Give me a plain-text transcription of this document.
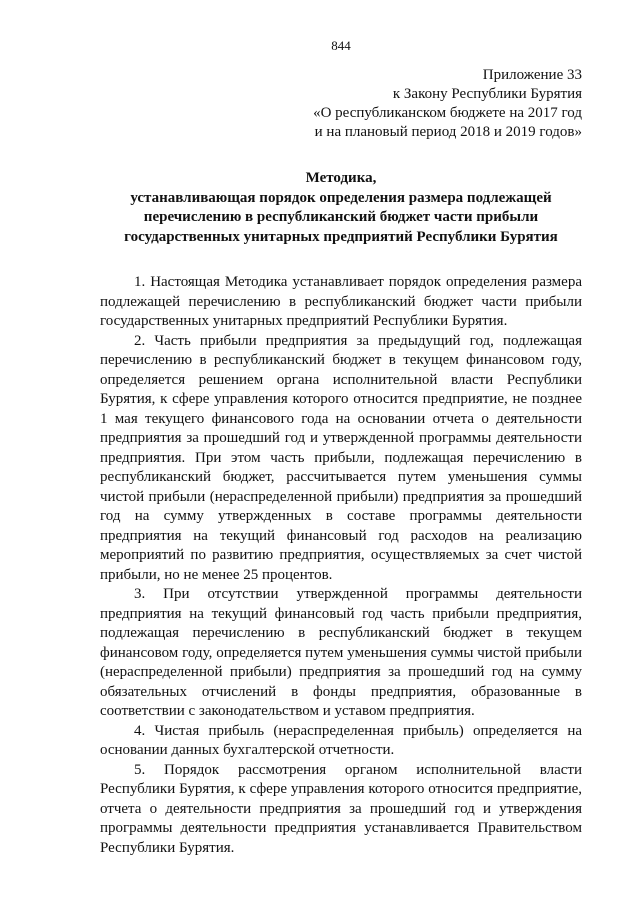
844
Приложение 33
к Закону Республики Бурятия
«О республиканском бюджете на 2017 год
и на плановый период 2018 и 2019 годов»
Методика,
устанавливающая порядок определения размера подлежащей
перечислению в республиканский бюджет части прибыли
государственных унитарных предприятий Республики Бурятия

1. Настоящая Методика устанавливает порядок определения размера подлежащей перечислению в республиканский бюджет части прибыли государственных унитарных предприятий Республики Бурятия.

2. Часть прибыли предприятия за предыдущий год, подлежащая перечислению в республиканский бюджет в текущем финансовом году, определяется решением органа исполнительной власти Республики Бурятия, к сфере управления которого относится предприятие, не позднее 1 мая текущего финансового года на основании отчета о деятельности предприятия за прошедший год и утвержденной программы деятельности предприятия. При этом часть прибыли, подлежащая перечислению в республиканский бюджет, рассчитывается путем уменьшения суммы чистой прибыли (нераспределенной прибыли) предприятия за прошедший год на сумму утвержденных в составе программы деятельности предприятия на текущий финансовый год расходов на реализацию мероприятий по развитию предприятия, осуществляемых за счет чистой прибыли, но не менее 25 процентов.

3. При отсутствии утвержденной программы деятельности предприятия на текущий финансовый год часть прибыли предприятия, подлежащая перечислению в республиканский бюджет в текущем финансовом году, определяется путем уменьшения суммы чистой прибыли (нераспределенной прибыли) предприятия за прошедший год на сумму обязательных отчислений в фонды предприятия, образованные в соответствии с законодательством и уставом предприятия.

4. Чистая прибыль (нераспределенная прибыль) определяется на основании данных бухгалтерской отчетности.

5. Порядок рассмотрения органом исполнительной власти Республики Бурятия, к сфере управления которого относится предприятие, отчета о деятельности предприятия за прошедший год и утверждения программы деятельности предприятия устанавливается Правительством Республики Бурятия.
